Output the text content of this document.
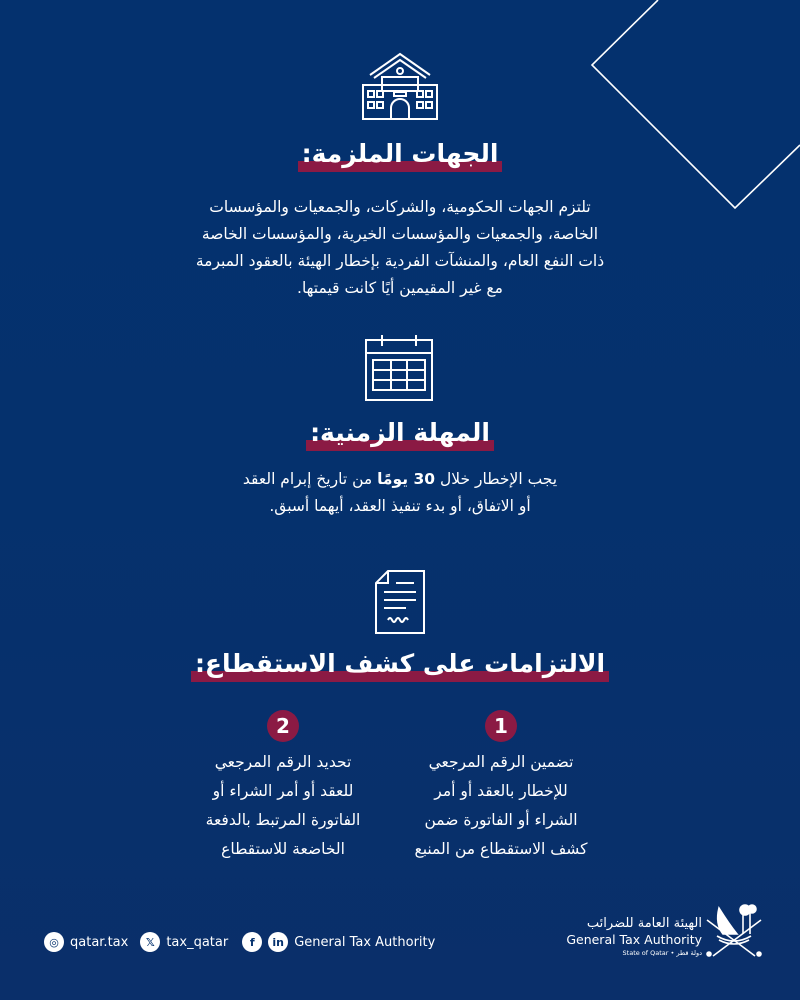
الجهات الملزمة:
تلتزم الجهات الحكومية، والشركات، والجمعيات والمؤسسات
الخاصة، والجمعيات والمؤسسات الخيرية، والمؤسسات الخاصة
ذات النفع العام، والمنشآت الفردية بإخطار الهيئة بالعقود المبرمة
مع غير المقيمين أيًا كانت قيمتها.
المهلة الزمنية:
يجب الإخطار خلال 30 يومًا من تاريخ إبرام العقد
أو الاتفاق، أو بدء تنفيذ العقد، أيهما أسبق.
الالتزامات على كشف الاستقطاع:
1
تضمين الرقم المرجعي
للإخطار بالعقد أو أمر
الشراء أو الفاتورة ضمن
كشف الاستقطاع من المنبع
2
تحديد الرقم المرجعي
للعقد أو أمر الشراء أو
الفاتورة المرتبط بالدفعة
الخاضعة للاستقطاع
◎ qatar.tax	𝕏 tax_qatar	f	in General Tax Authority
الهيئة العامة للضرائب
General Tax Authority
State of Qatar • دولة قطر
